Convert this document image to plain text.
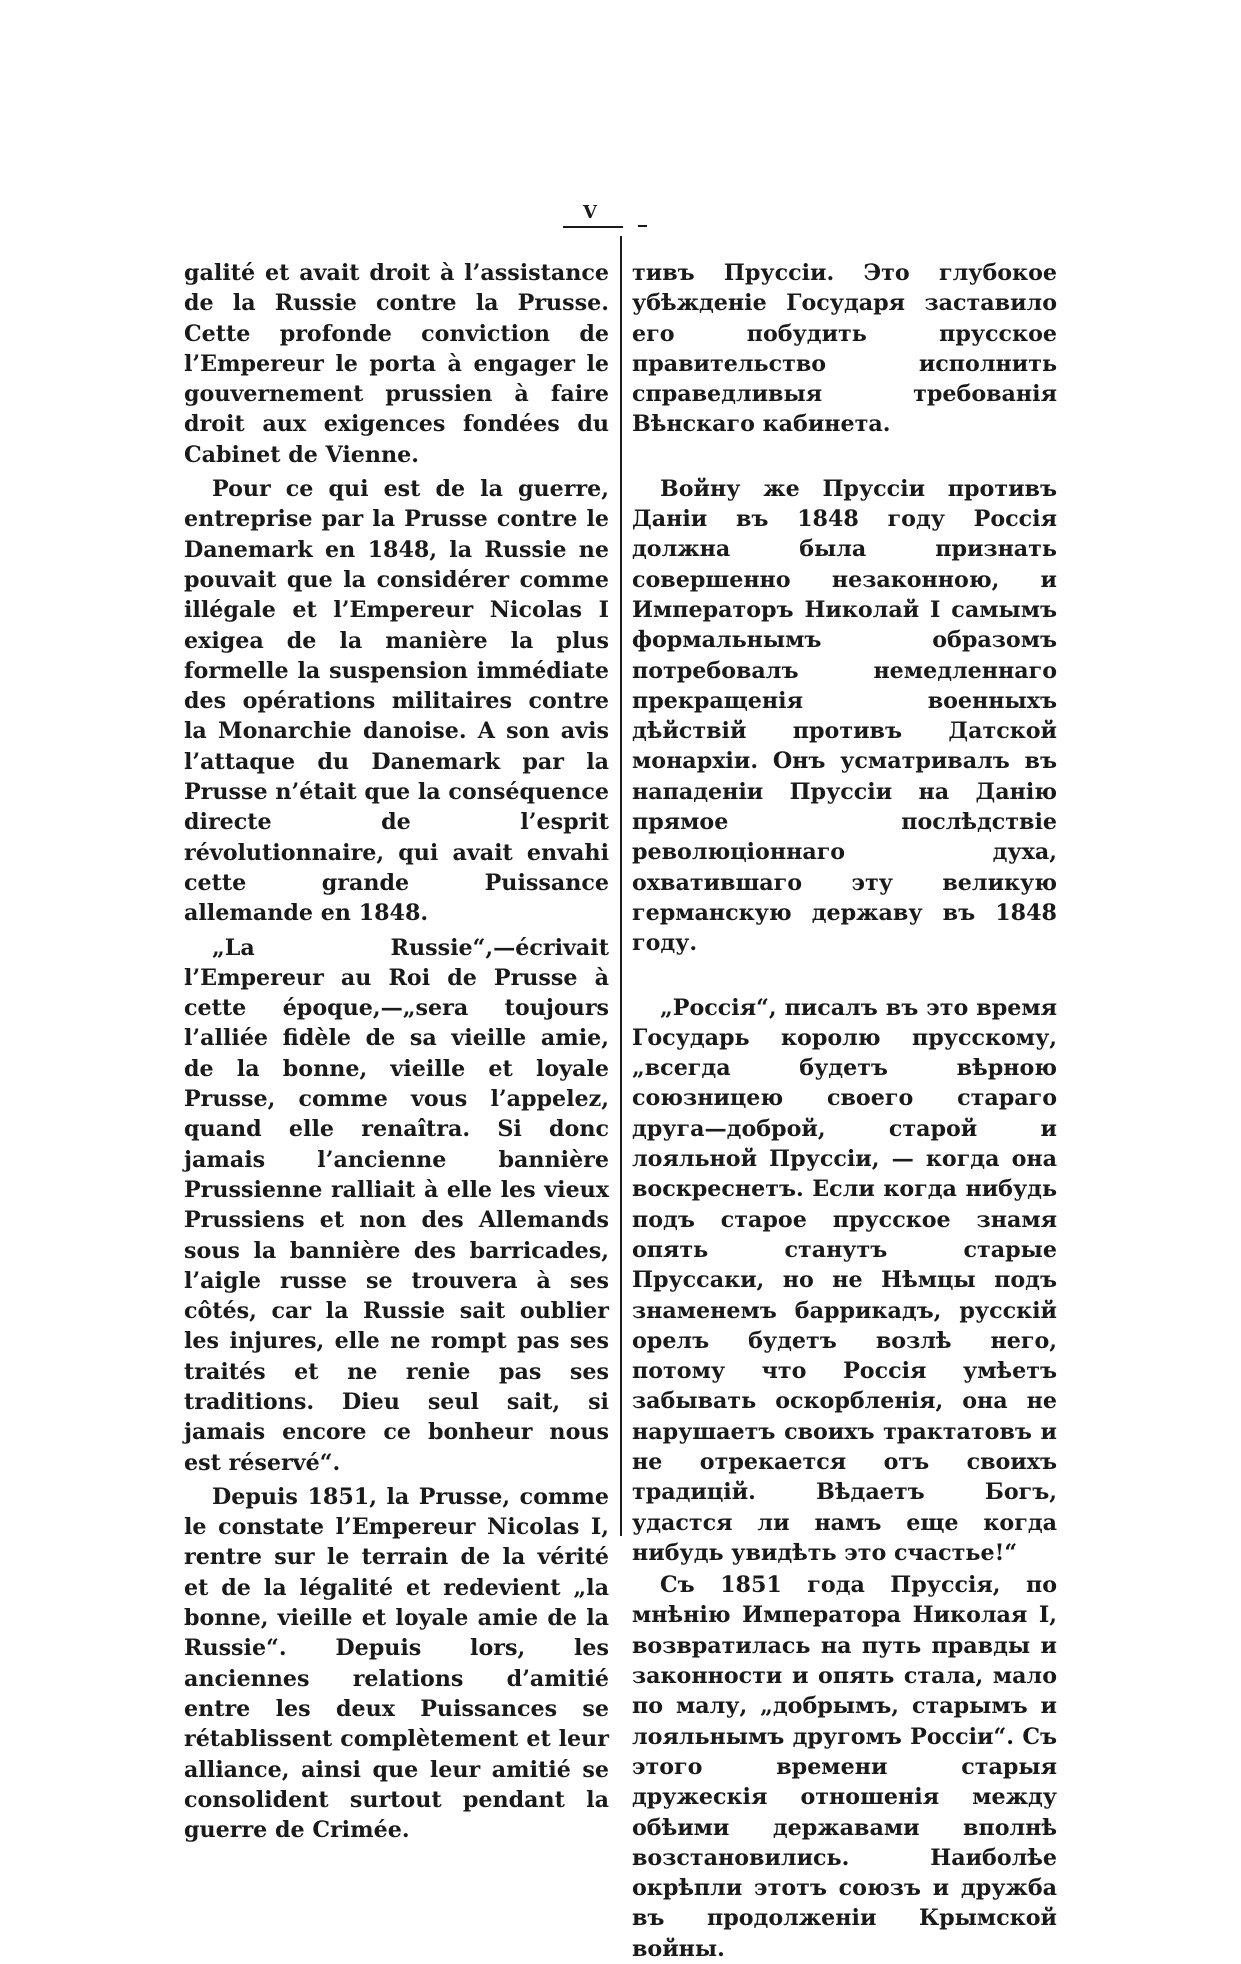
V

galité et avait droit à l’assistance de la Russie contre la Prusse. Cette profonde conviction de l’Empereur le porta à engager le gouvernement prussien à faire droit aux exigences fondées du Cabinet de Vienne.

Pour ce qui est de la guerre, entreprise par la Prusse contre le Danemark en 1848, la Russie ne pouvait que la considérer comme illégale et l’Empereur Nicolas I exigea de la manière la plus formelle la suspension immédiate des opérations militaires contre la Monarchie danoise. A son avis l’attaque du Danemark par la Prusse n’était que la conséquence directe de l’esprit révolutionnaire, qui avait envahi cette grande Puissance allemande en 1848.

„La Russie“,—écrivait l’Empereur au Roi de Prusse à cette époque,—„sera toujours l’alliée fidèle de sa vieille amie, de la bonne, vieille et loyale Prusse, comme vous l’appelez, quand elle renaîtra. Si donc jamais l’ancienne bannière Prussienne ralliait à elle les vieux Prussiens et non des Allemands sous la bannière des barricades, l’aigle russe se trouvera à ses côtés, car la Russie sait oublier les injures, elle ne rompt pas ses traités et ne renie pas ses traditions. Dieu seul sait, si jamais encore ce bonheur nous est réservé“.

Depuis 1851, la Prusse, comme le constate l’Empereur Nicolas I, rentre sur le terrain de la vérité et de la légalité et redevient „la bonne, vieille et loyale amie de la Russie“. Depuis lors, les anciennes relations d’amitié entre les deux Puissances se rétablissent complètement et leur alliance, ainsi que leur amitié se consolident surtout pendant la guerre de Crimée.

тивъ Пруссіи. Это глубокое убѣжденіе Государя заставило его побудить прусское правительство исполнить справедливыя требованія Вѣнскаго кабинета.

Войну же Пруссіи противъ Даніи въ 1848 году Россія должна была признать совершенно незаконною, и Императоръ Николай I самымъ формальнымъ образомъ потребовалъ немедленнаго прекращенія военныхъ дѣйствій противъ Датской монархіи. Онъ усматривалъ въ нападеніи Пруссіи на Данію прямое послѣдствіе революціоннаго духа, охватившаго эту великую германскую державу въ 1848 году.

„Россія“, писалъ въ это время Государь королю прусскому, „всегда будетъ вѣрною союзницею своего стараго друга—доброй, старой и лояльной Пруссіи, — когда она воскреснетъ. Если когда нибудь подъ старое прусское знамя опять станутъ старые Пруссаки, но не Нѣмцы подъ знаменемъ баррикадъ, русскій орелъ будетъ возлѣ него, потому что Россія умѣетъ забывать оскорбленія, она не нарушаетъ своихъ трактатовъ и не отрекается отъ своихъ традицій. Вѣдаетъ Богъ, удастся ли намъ еще когда нибудь увидѣть это счастье!“

Съ 1851 года Пруссія, по мнѣнію Императора Николая I, возвратилась на путь правды и законности и опять стала, мало по малу, „добрымъ, старымъ и лояльнымъ другомъ Россіи“. Съ этого времени старыя дружескія отношенія между обѣими державами вполнѣ возстановились. Наиболѣе окрѣпли этотъ союзъ и дружба въ продолженіи Крымской войны.
